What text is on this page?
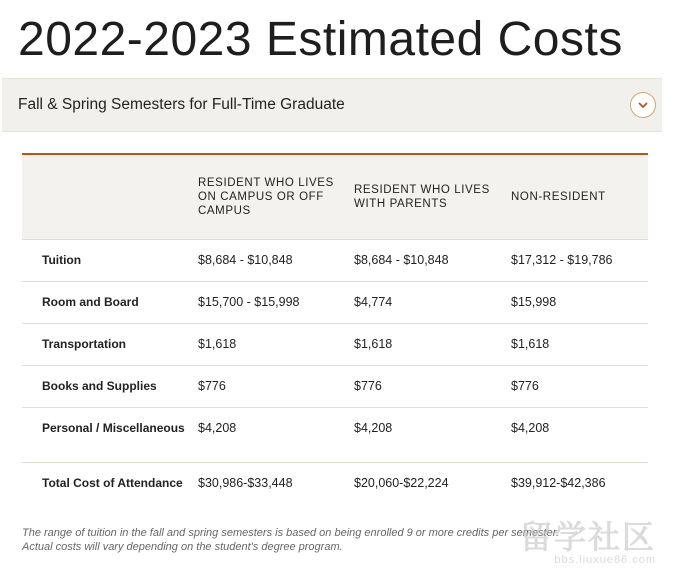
2022-2023 Estimated Costs
Fall & Spring Semesters for Full-Time Graduate
	RESIDENT WHO LIVES ON CAMPUS OR OFF CAMPUS	RESIDENT WHO LIVES WITH PARENTS	NON-RESIDENT
Tuition	$8,684 - $10,848	$8,684 - $10,848	$17,312 - $19,786
Room and Board	$15,700 - $15,998	$4,774	$15,998
Transportation	$1,618	$1,618	$1,618
Books and Supplies	$776	$776	$776
Personal / Miscellaneous	$4,208	$4,208	$4,208
Total Cost of Attendance	$30,986-$33,448	$20,060-$22,224	$39,912-$42,386
The range of tuition in the fall and spring semesters is based on being enrolled 9 or more credits per semester.
Actual costs will vary depending on the student's degree program.	留学社区
bbs.liuxue86.com
